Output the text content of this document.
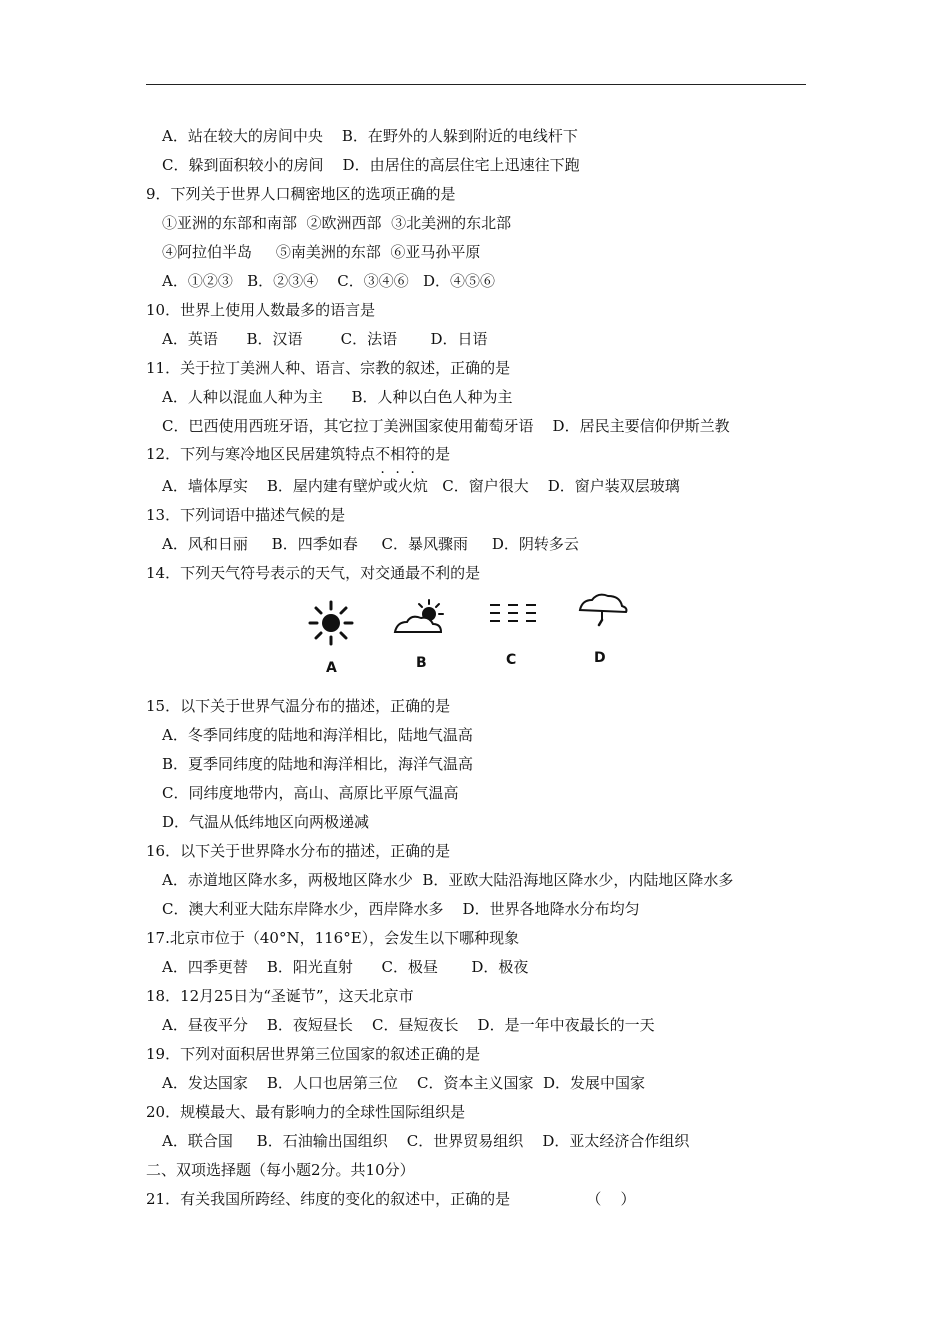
A．站在较大的房间中央    B．在野外的人躲到附近的电线杆下
C．躲到面积较小的房间    D．由居住的高层住宅上迅速往下跑
9．下列关于世界人口稠密地区的选项正确的是
①亚洲的东部和南部  ②欧洲西部  ③北美洲的东北部
④阿拉伯半岛     ⑤南美洲的东部  ⑥亚马孙平原
A．①②③   B．②③④    C．③④⑥   D．④⑤⑥
10．世界上使用人数最多的语言是
A．英语      B．汉语        C．法语       D．日语
11．关于拉丁美洲人种、语言、宗教的叙述，正确的是
A．人种以混血人种为主      B．人种以白色人种为主
C．巴西使用西班牙语，其它拉丁美洲国家使用葡萄牙语    D．居民主要信仰伊斯兰教
12．下列与寒冷地区民居建筑特点不相符的是
A．墙体厚实    B．屋内建有壁炉或火炕   C．窗户很大    D．窗户装双层玻璃
13．下列词语中描述气候的是
A．风和日丽     B．四季如春     C．暴风骤雨     D．阴转多云
14．下列天气符号表示的天气，对交通最不利的是
A	B	C	D
15．以下关于世界气温分布的描述，正确的是
A．冬季同纬度的陆地和海洋相比，陆地气温高
B．夏季同纬度的陆地和海洋相比，海洋气温高
C．同纬度地带内，高山、高原比平原气温高
D．气温从低纬地区向两极递减
16．以下关于世界降水分布的描述，正确的是
A．赤道地区降水多，两极地区降水少  B．亚欧大陆沿海地区降水少，内陆地区降水多
C．澳大利亚大陆东岸降水少，西岸降水多    D．世界各地降水分布均匀
17.北京市位于（40°N，116°E），会发生以下哪种现象
A．四季更替    B．阳光直射      C．极昼       D．极夜
18．12月25日为“圣诞节”，这天北京市
A．昼夜平分    B．夜短昼长    C．昼短夜长    D．是一年中夜最长的一天
19．下列对面积居世界第三位国家的叙述正确的是
A．发达国家    B．人口也居第三位    C．资本主义国家  D．发展中国家
20．规模最大、最有影响力的全球性国际组织是
A．联合国     B．石油输出国组织    C．世界贸易组织    D．亚太经济合作组织
二、双项选择题（每小题2分。共10分）
21．有关我国所跨经、纬度的变化的叙述中，正确的是                （    ）
